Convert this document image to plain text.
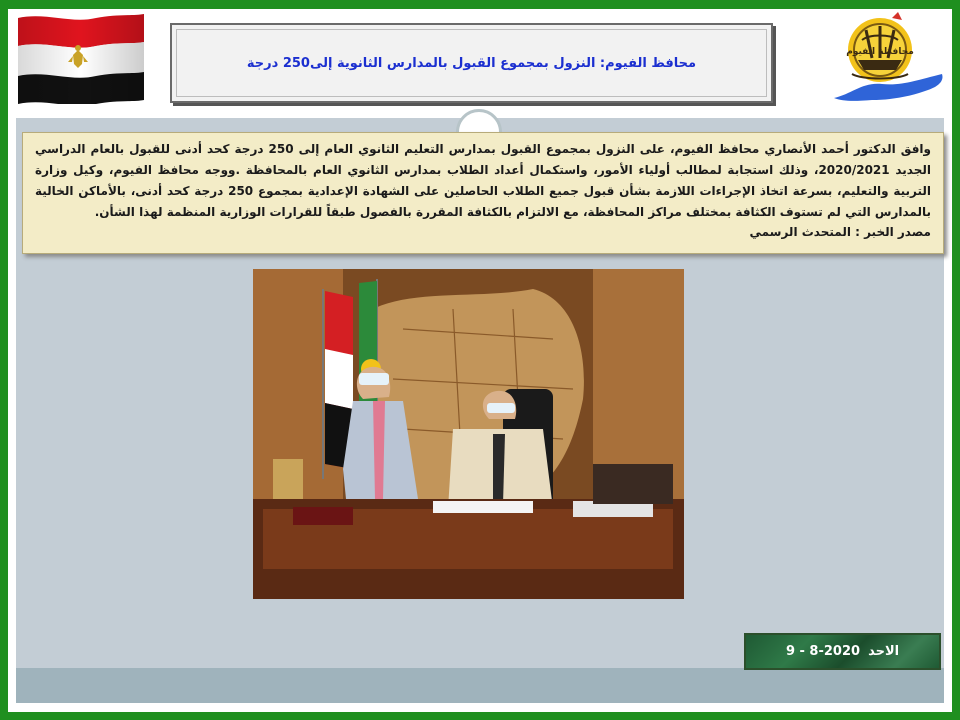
محافظ الفيوم: النزول بمجموع القبول بالمدارس الثانوية إلى250 درجة
محافظة الفيوم
وافق الدكتور أحمد الأنصاري محافظ الفيوم، على النزول بمجموع القبول بمدارس التعليم الثانوي العام إلى 250 درجة كحد أدنى للقبول بالعام الدراسي الجديد 2020/2021، وذلك استجابة لمطالب أولياء الأمور، واستكمال أعداد الطلاب بمدارس الثانوي العام بالمحافظة .ووجه محافظ الفيوم، وكيل وزارة التربية والتعليم، بسرعة اتخاذ الإجراءات اللازمة بشأن قبول جميع الطلاب الحاصلين على الشهادة الإعدادية بمجموع 250 درجة كحد أدنى، بالأماكن الخالية بالمدارس التي لم تستوف الكثافة بمختلف مراكز المحافظة، مع الالتزام بالكثافة المقررة بالفصول طبقاً للقرارات الوزارية المنظمة لهذا الشأن.
مصدر الخبر : المتحدث الرسمي
الاحد
9 - 8-2020
